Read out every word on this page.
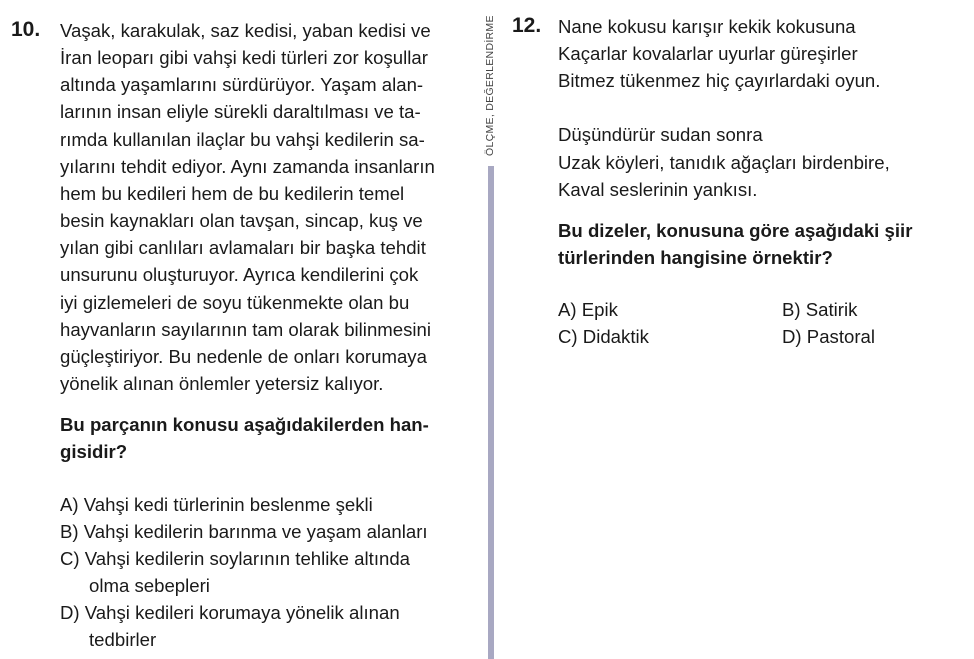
ÖLÇME, DEĞERLENDİRME
10. Vaşak, karakulak, saz kedisi, yaban kedisi ve
İran leoparı gibi vahşi kedi türleri zor koşullar
altında yaşamlarını sürdürüyor. Yaşam alan-
larının insan eliyle sürekli daraltılması ve ta-
rımda kullanılan ilaçlar bu vahşi kedilerin sa-
yılarını tehdit ediyor. Aynı zamanda insanların
hem bu kedileri hem de bu kedilerin temel
besin kaynakları olan tavşan, sincap, kuş ve
yılan gibi canlıları avlamaları bir başka tehdit
unsurunu oluşturuyor. Ayrıca kendilerini çok
iyi gizlemeleri de soyu tükenmekte olan bu
hayvanların sayılarının tam olarak bilinmesini
güçleştiriyor. Bu nedenle de onları korumaya
yönelik alınan önlemler yetersiz kalıyor.
Bu parçanın konusu aşağıdakilerden han-
gisidir?
A) Vahşi kedi türlerinin beslenme şekli
B) Vahşi kedilerin barınma ve yaşam alanları
C) Vahşi kedilerin soylarının tehlike altında
olma sebepleri
D) Vahşi kedileri korumaya yönelik alınan
tedbirler
12. Nane kokusu karışır kekik kokusuna
Kaçarlar kovalarlar uyurlar güreşirler
Bitmez tükenmez hiç çayırlardaki oyun.
Düşündürür sudan sonra
Uzak köyleri, tanıdık ağaçları birdenbire,
Kaval seslerinin yankısı.
Bu dizeler, konusuna göre aşağıdaki şiir
türlerinden hangisine örnektir?
A) Epik	B) Satirik
C) Didaktik	D) Pastoral
